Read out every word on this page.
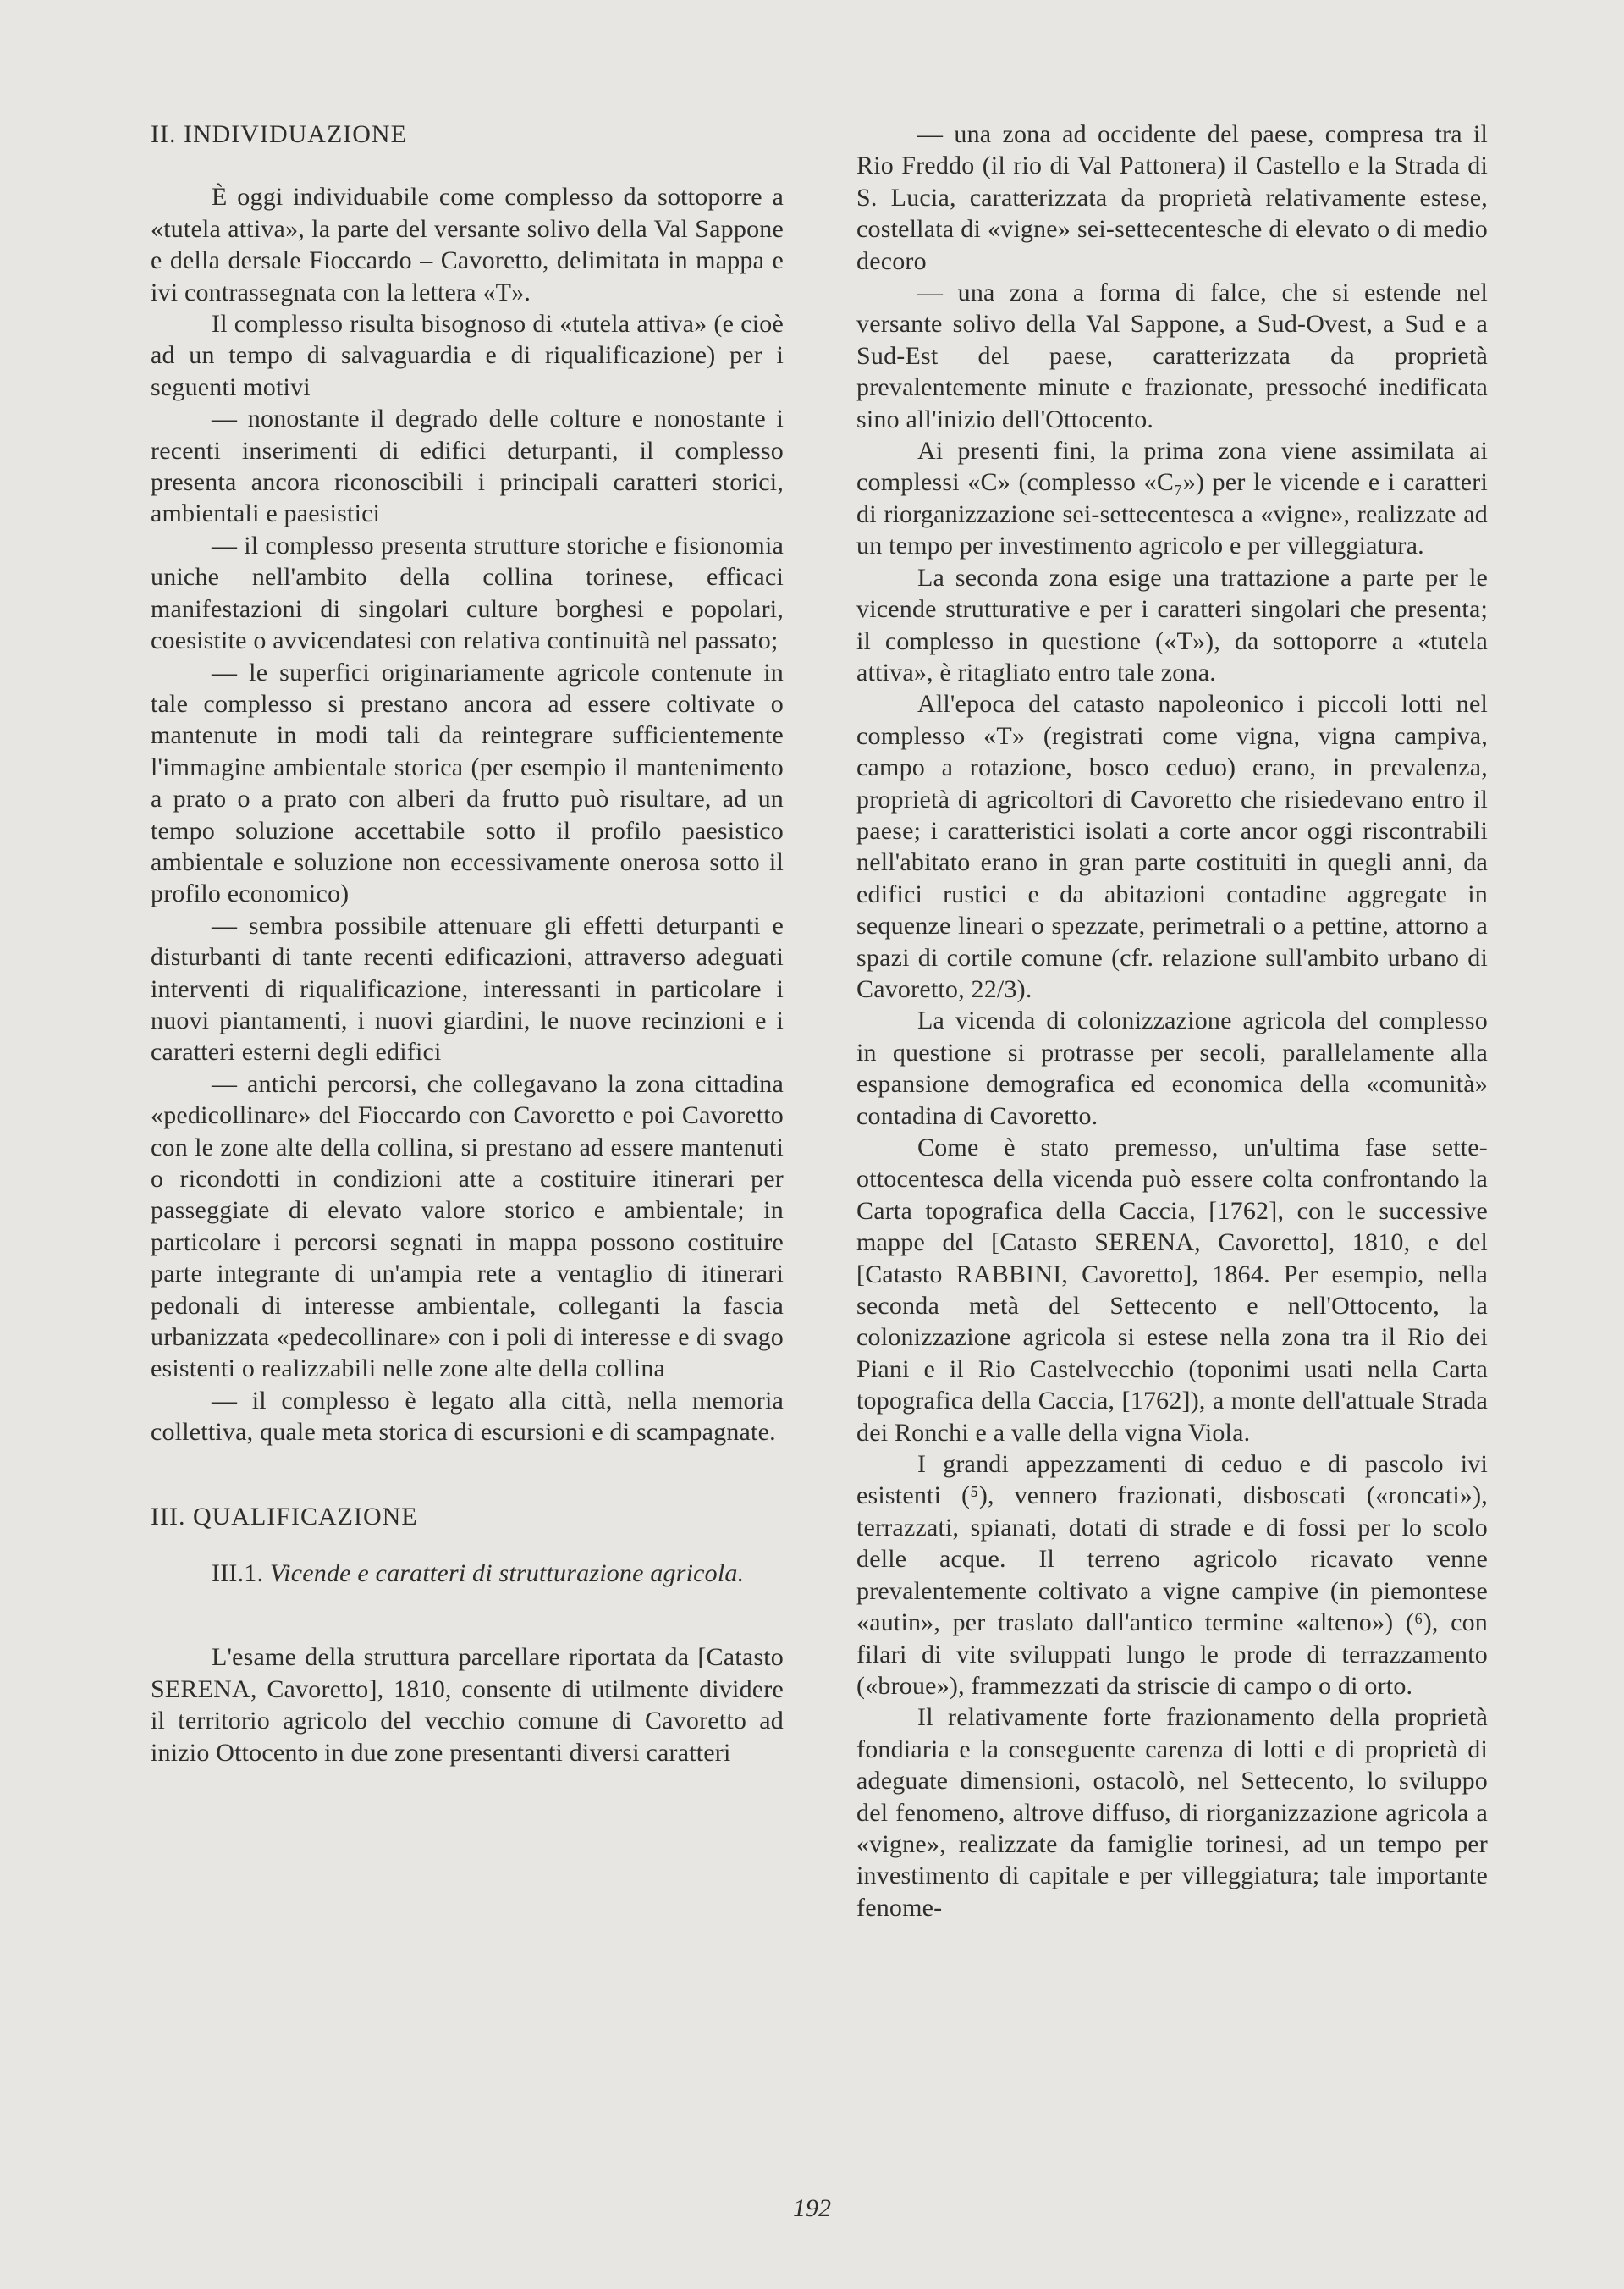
II. INDIVIDUAZIONE

È oggi individuabile come complesso da sottoporre a «tutela attiva», la parte del versante solivo della Val Sappone e della dersale Fioccardo – Cavoretto, delimitata in mappa e ivi contrassegnata con la lettera «T».

Il complesso risulta bisognoso di «tutela attiva» (e cioè ad un tempo di salvaguardia e di riqualificazione) per i seguenti motivi

— nonostante il degrado delle colture e nonostante i recenti inserimenti di edifici deturpanti, il complesso presenta ancora riconoscibili i principali caratteri storici, ambientali e paesistici

— il complesso presenta strutture storiche e fisionomia uniche nell'ambito della collina torinese, efficaci manifestazioni di singolari culture borghesi e popolari, coesistite o avvicendatesi con relativa continuità nel passato;

— le superfici originariamente agricole contenute in tale complesso si prestano ancora ad essere coltivate o mantenute in modi tali da reintegrare sufficientemente l'immagine ambientale storica (per esempio il mantenimento a prato o a prato con alberi da frutto può risultare, ad un tempo soluzione accettabile sotto il profilo paesistico ambientale e soluzione non eccessivamente onerosa sotto il profilo economico)

— sembra possibile attenuare gli effetti deturpanti e disturbanti di tante recenti edificazioni, attraverso adeguati interventi di riqualificazione, interessanti in particolare i nuovi piantamenti, i nuovi giardini, le nuove recinzioni e i caratteri esterni degli edifici

— antichi percorsi, che collegavano la zona cittadina «pedicollinare» del Fioccardo con Cavoretto e poi Cavoretto con le zone alte della collina, si prestano ad essere mantenuti o ricondotti in condizioni atte a costituire itinerari per passeggiate di elevato valore storico e ambientale; in particolare i percorsi segnati in mappa possono costituire parte integrante di un'ampia rete a ventaglio di itinerari pedonali di interesse ambientale, colleganti la fascia urbanizzata «pedecollinare» con i poli di interesse e di svago esistenti o realizzabili nelle zone alte della collina

— il complesso è legato alla città, nella memoria collettiva, quale meta storica di escursioni e di scampagnate.

III. QUALIFICAZIONE

III.1. Vicende e caratteri di strutturazione agricola.

L'esame della struttura parcellare riportata da [Catasto SERENA, Cavoretto], 1810, consente di utilmente dividere il territorio agricolo del vecchio comune di Cavoretto ad inizio Ottocento in due zone presentanti diversi caratteri

— una zona ad occidente del paese, compresa tra il Rio Freddo (il rio di Val Pattonera) il Castello e la Strada di S. Lucia, caratterizzata da proprietà relativamente estese, costellata di «vigne» sei-settecentesche di elevato o di medio decoro

— una zona a forma di falce, che si estende nel versante solivo della Val Sappone, a Sud-Ovest, a Sud e a Sud-Est del paese, caratterizzata da proprietà prevalentemente minute e frazionate, pressoché inedificata sino all'inizio dell'Ottocento.

Ai presenti fini, la prima zona viene assimilata ai complessi «C» (complesso «C₇») per le vicende e i caratteri di riorganizzazione sei-settecentesca a «vigne», realizzate ad un tempo per investimento agricolo e per villeggiatura.

La seconda zona esige una trattazione a parte per le vicende strutturative e per i caratteri singolari che presenta; il complesso in questione («T»), da sottoporre a «tutela attiva», è ritagliato entro tale zona.

All'epoca del catasto napoleonico i piccoli lotti nel complesso «T» (registrati come vigna, vigna campiva, campo a rotazione, bosco ceduo) erano, in prevalenza, proprietà di agricoltori di Cavoretto che risiedevano entro il paese; i caratteristici isolati a corte ancor oggi riscontrabili nell'abitato erano in gran parte costituiti in quegli anni, da edifici rustici e da abitazioni contadine aggregate in sequenze lineari o spezzate, perimetrali o a pettine, attorno a spazi di cortile comune (cfr. relazione sull'ambito urbano di Cavoretto, 22/3).

La vicenda di colonizzazione agricola del complesso in questione si protrasse per secoli, parallelamente alla espansione demografica ed economica della «comunità» contadina di Cavoretto.

Come è stato premesso, un'ultima fase sette-ottocentesca della vicenda può essere colta confrontando la Carta topografica della Caccia, [1762], con le successive mappe del [Catasto SERENA, Cavoretto], 1810, e del [Catasto RABBINI, Cavoretto], 1864. Per esempio, nella seconda metà del Settecento e nell'Ottocento, la colonizzazione agricola si estese nella zona tra il Rio dei Piani e il Rio Castelvecchio (toponimi usati nella Carta topografica della Caccia, [1762]), a monte dell'attuale Strada dei Ronchi e a valle della vigna Viola.

I grandi appezzamenti di ceduo e di pascolo ivi esistenti (⁵), vennero frazionati, disboscati («roncati»), terrazzati, spianati, dotati di strade e di fossi per lo scolo delle acque. Il terreno agricolo ricavato venne prevalentemente coltivato a vigne campive (in piemontese «autin», per traslato dall'antico termine «alteno») (⁶), con filari di vite sviluppati lungo le prode di terrazzamento («broue»), frammezzati da striscie di campo o di orto.

Il relativamente forte frazionamento della proprietà fondiaria e la conseguente carenza di lotti e di proprietà di adeguate dimensioni, ostacolò, nel Settecento, lo sviluppo del fenomeno, altrove diffuso, di riorganizzazione agricola a «vigne», realizzate da famiglie torinesi, ad un tempo per investimento di capitale e per villeggiatura; tale importante fenome-

192
